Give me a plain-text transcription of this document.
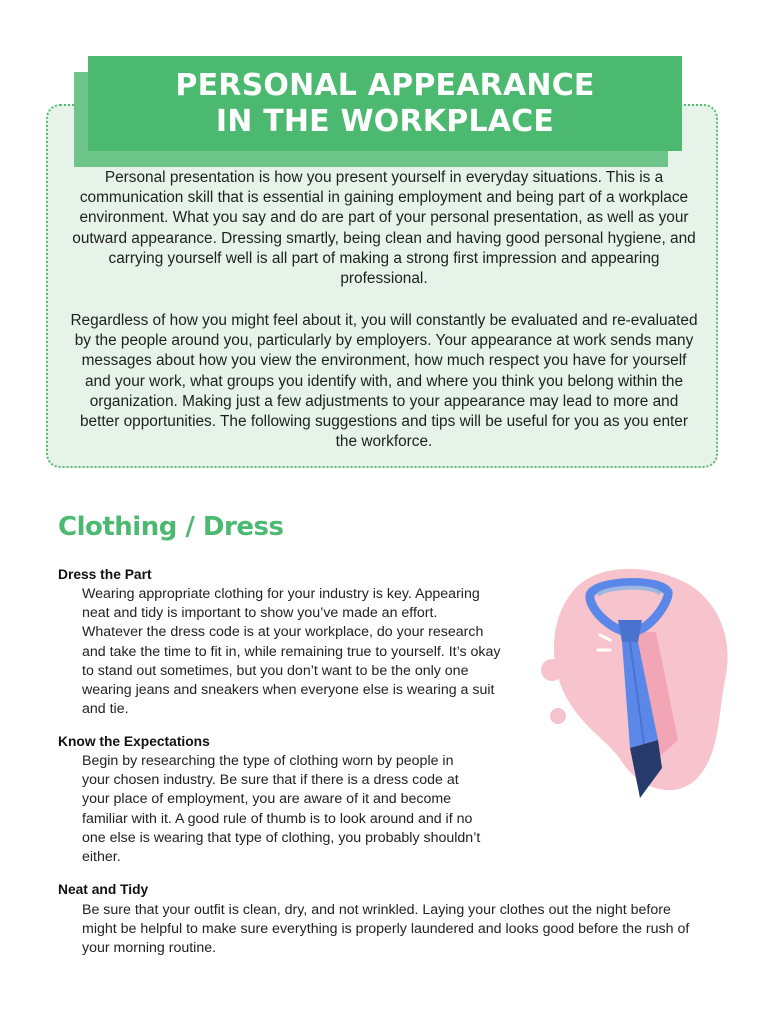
PERSONAL APPEARANCE
IN THE WORKPLACE
Personal presentation is how you present yourself in everyday situations. This is a communication skill that is essential in gaining employment and being part of a workplace environment. What you say and do are part of your personal presentation, as well as your outward appearance. Dressing smartly, being clean and having good personal hygiene, and carrying yourself well is all part of making a strong first impression and appearing professional.
Regardless of how you might feel about it, you will constantly be evaluated and re-evaluated by the people around you, particularly by employers. Your appearance at work sends many messages about how you view the environment, how much respect you have for yourself and your work, what groups you identify with, and where you think you belong within the organization. Making just a few adjustments to your appearance may lead to more and better opportunities. The following suggestions and tips will be useful for you as you enter the workforce.
Clothing / Dress
Dress the Part
Wearing appropriate clothing for your industry is key. Appearing neat and tidy is important to show you’ve made an effort. Whatever the dress code is at your workplace, do your research and take the time to fit in, while remaining true to yourself. It’s okay to stand out sometimes, but you don’t want to be the only one wearing jeans and sneakers when everyone else is wearing a suit and tie.
Know the Expectations
Begin by researching the type of clothing worn by people in your chosen industry. Be sure that if there is a dress code at your place of employment, you are aware of it and become familiar with it. A good rule of thumb is to look around and if no one else is wearing that type of clothing, you probably shouldn’t either.
Neat and Tidy
Be sure that your outfit is clean, dry, and not wrinkled. Laying your clothes out the night before might be helpful to make sure everything is properly laundered and looks good before the rush of your morning routine.
